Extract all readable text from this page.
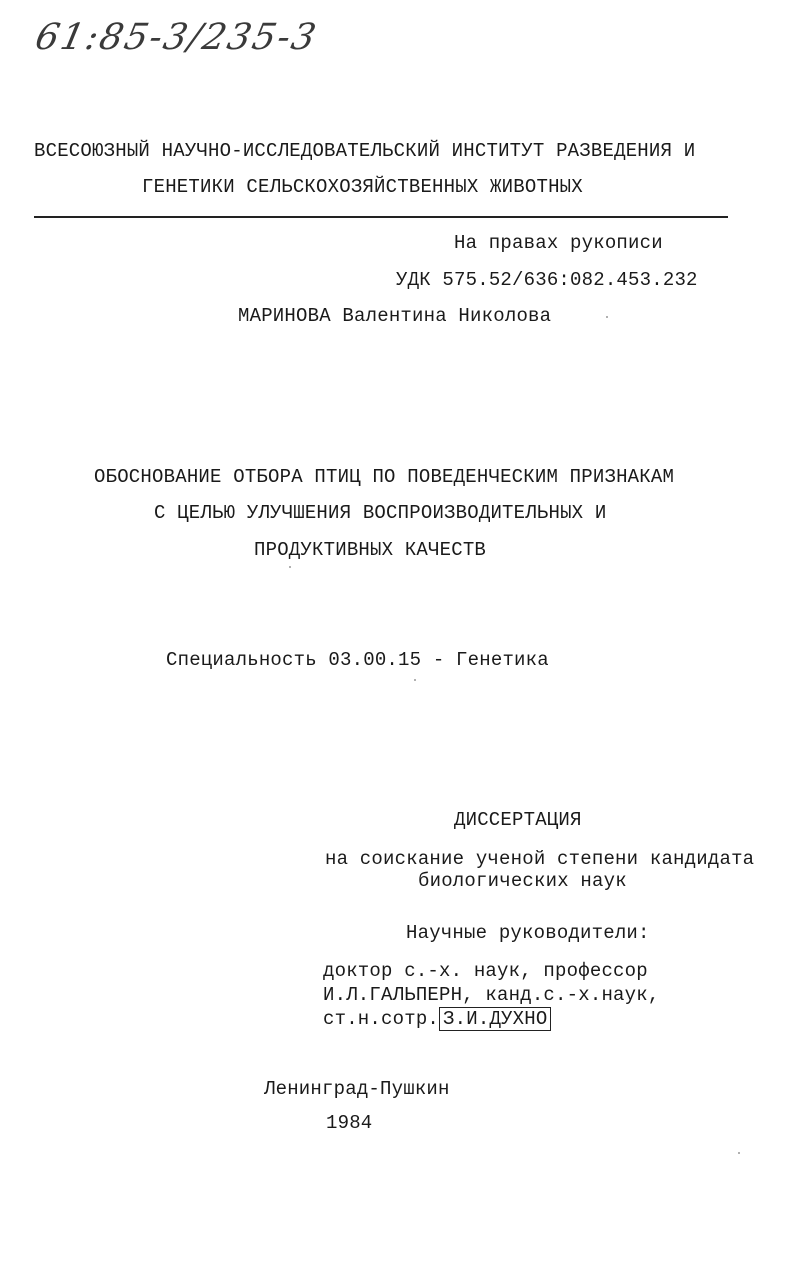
61:85-3/235-3
ВСЕСОЮЗНЫЙ НАУЧНО-ИССЛЕДОВАТЕЛЬСКИЙ ИНСТИТУТ РАЗВЕДЕНИЯ И
ГЕНЕТИКИ СЕЛЬСКОХОЗЯЙСТВЕННЫХ ЖИВОТНЫХ
На правах рукописи
УДК 575.52/636:082.453.232
МАРИНОВА Валентина Николова
ОБОСНОВАНИЕ ОТБОРА ПТИЦ ПО ПОВЕДЕНЧЕСКИМ ПРИЗНАКАМ
С ЦЕЛЬЮ УЛУЧШЕНИЯ ВОСПРОИЗВОДИТЕЛЬНЫХ И
ПРОДУКТИВНЫХ КАЧЕСТВ
Специальность 03.00.15 - Генетика
ДИССЕРТАЦИЯ
на соискание ученой степени кандидата
биологических наук
Научные руководители:
доктор с.-х. наук, профессор
И.Л.ГАЛЬПЕРН, канд.с.-х.наук,
ст.н.сотр. З.И.ДУХНО
Ленинград-Пушкин
1984
